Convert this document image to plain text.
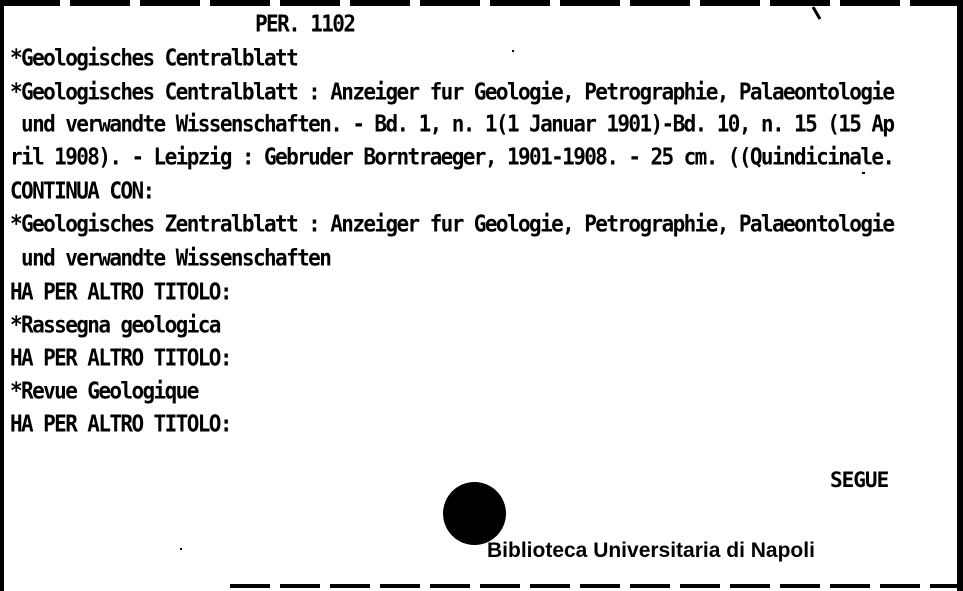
PER. 1102
*Geologisches Centralblatt
*Geologisches Centralblatt : Anzeiger fur Geologie, Petrographie, Palaeontologie
und verwandte Wissenschaften. - Bd. 1, n. 1(1 Januar 1901)-Bd. 10, n. 15 (15 Ap
ril 1908). - Leipzig : Gebruder Borntraeger, 1901-1908. - 25 cm. ((Quindicinale.
CONTINUA CON:
*Geologisches Zentralblatt : Anzeiger fur Geologie, Petrographie, Palaeontologie
und verwandte Wissenschaften
HA PER ALTRO TITOLO:
*Rassegna geologica
HA PER ALTRO TITOLO:
*Revue Geologique
HA PER ALTRO TITOLO:
SEGUE
Biblioteca Universitaria di Napoli
